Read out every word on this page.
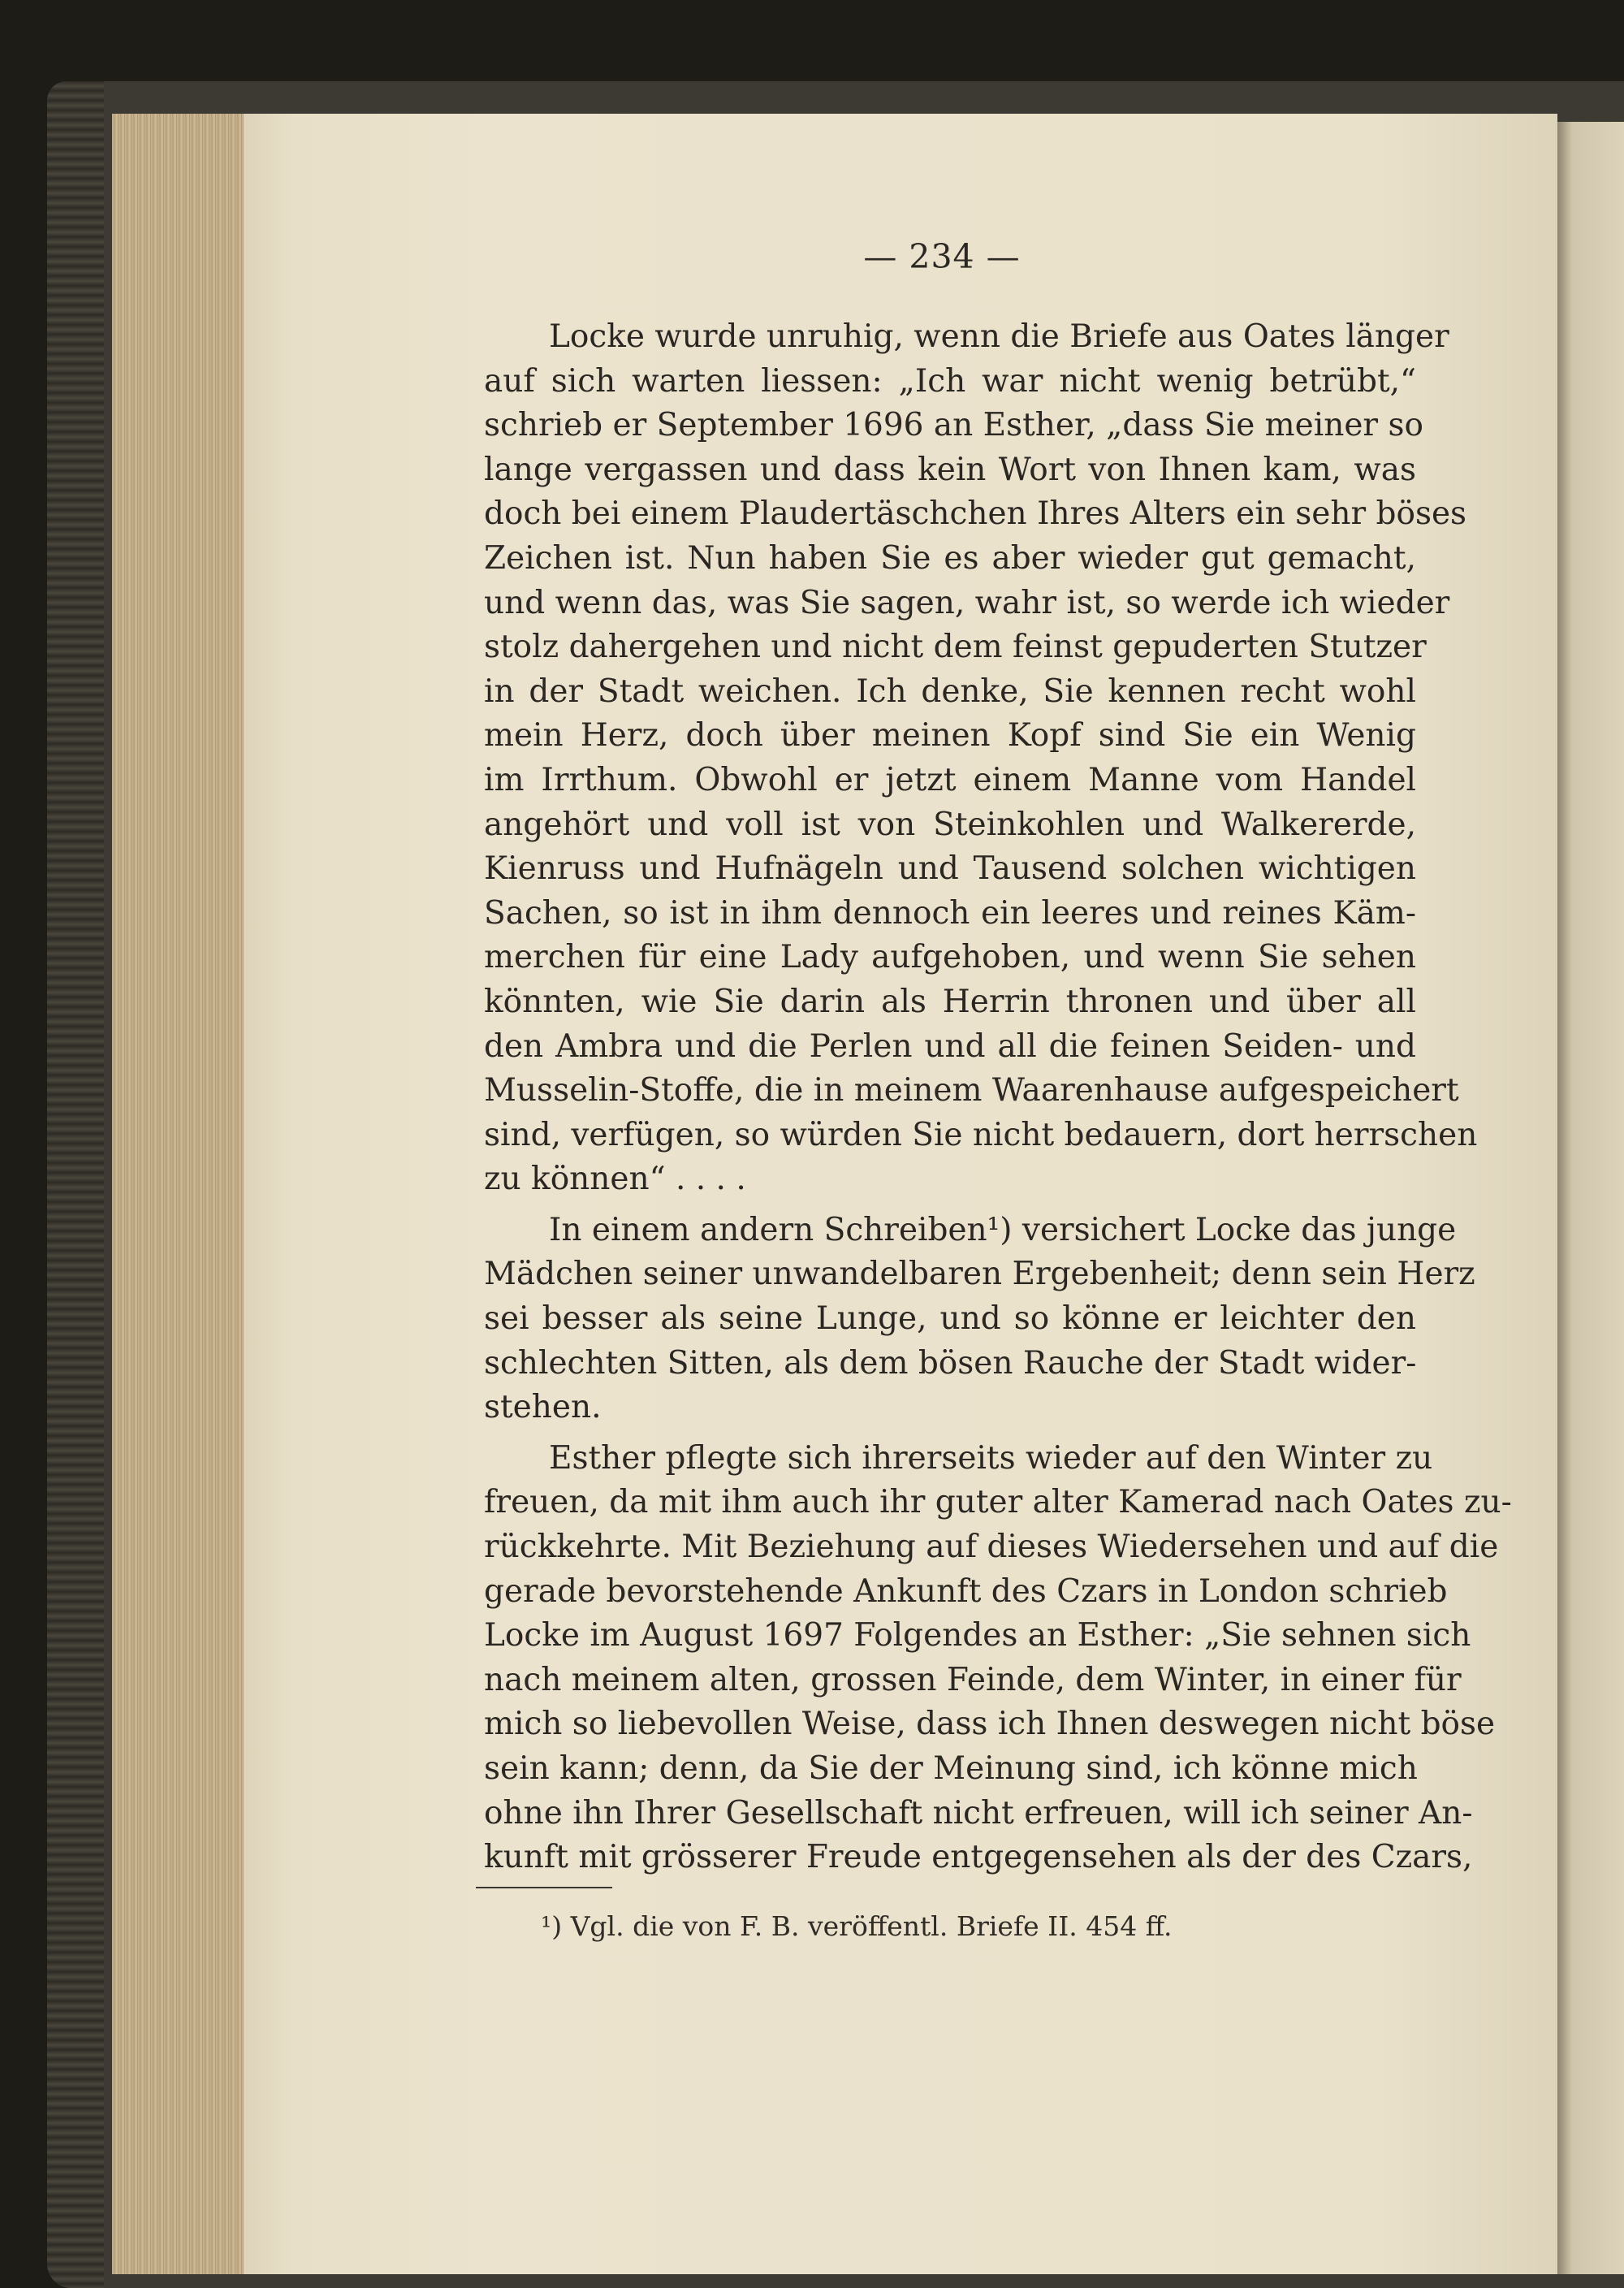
— 234 —
Locke wurde unruhig, wenn die Briefe aus Oates länger
auf sich warten liessen: „Ich war nicht wenig betrübt,“
schrieb er September 1696 an Esther, „dass Sie meiner so
lange vergassen und dass kein Wort von Ihnen kam, was
doch bei einem Plaudertäschchen Ihres Alters ein sehr böses
Zeichen ist. Nun haben Sie es aber wieder gut gemacht,
und wenn das, was Sie sagen, wahr ist, so werde ich wieder
stolz dahergehen und nicht dem feinst gepuderten Stutzer
in der Stadt weichen. Ich denke, Sie kennen recht wohl
mein Herz, doch über meinen Kopf sind Sie ein Wenig
im Irrthum. Obwohl er jetzt einem Manne vom Handel
angehört und voll ist von Steinkohlen und Walkererde,
Kienruss und Hufnägeln und Tausend solchen wichtigen
Sachen, so ist in ihm dennoch ein leeres und reines Käm-
merchen für eine Lady aufgehoben, und wenn Sie sehen
könnten, wie Sie darin als Herrin thronen und über all
den Ambra und die Perlen und all die feinen Seiden- und
Musselin-Stoffe, die in meinem Waarenhause aufgespeichert
sind, verfügen, so würden Sie nicht bedauern, dort herrschen
zu können“ . . . .
In einem andern Schreiben¹) versichert Locke das junge
Mädchen seiner unwandelbaren Ergebenheit; denn sein Herz
sei besser als seine Lunge, und so könne er leichter den
schlechten Sitten, als dem bösen Rauche der Stadt wider-
stehen.
Esther pflegte sich ihrerseits wieder auf den Winter zu
freuen, da mit ihm auch ihr guter alter Kamerad nach Oates zu-
rückkehrte. Mit Beziehung auf dieses Wiedersehen und auf die
gerade bevorstehende Ankunft des Czars in London schrieb
Locke im August 1697 Folgendes an Esther: „Sie sehnen sich
nach meinem alten, grossen Feinde, dem Winter, in einer für
mich so liebevollen Weise, dass ich Ihnen deswegen nicht böse
sein kann; denn, da Sie der Meinung sind, ich könne mich
ohne ihn Ihrer Gesellschaft nicht erfreuen, will ich seiner An-
kunft mit grösserer Freude entgegensehen als der des Czars,
¹) Vgl. die von F. B. veröffentl. Briefe II. 454 ff.
